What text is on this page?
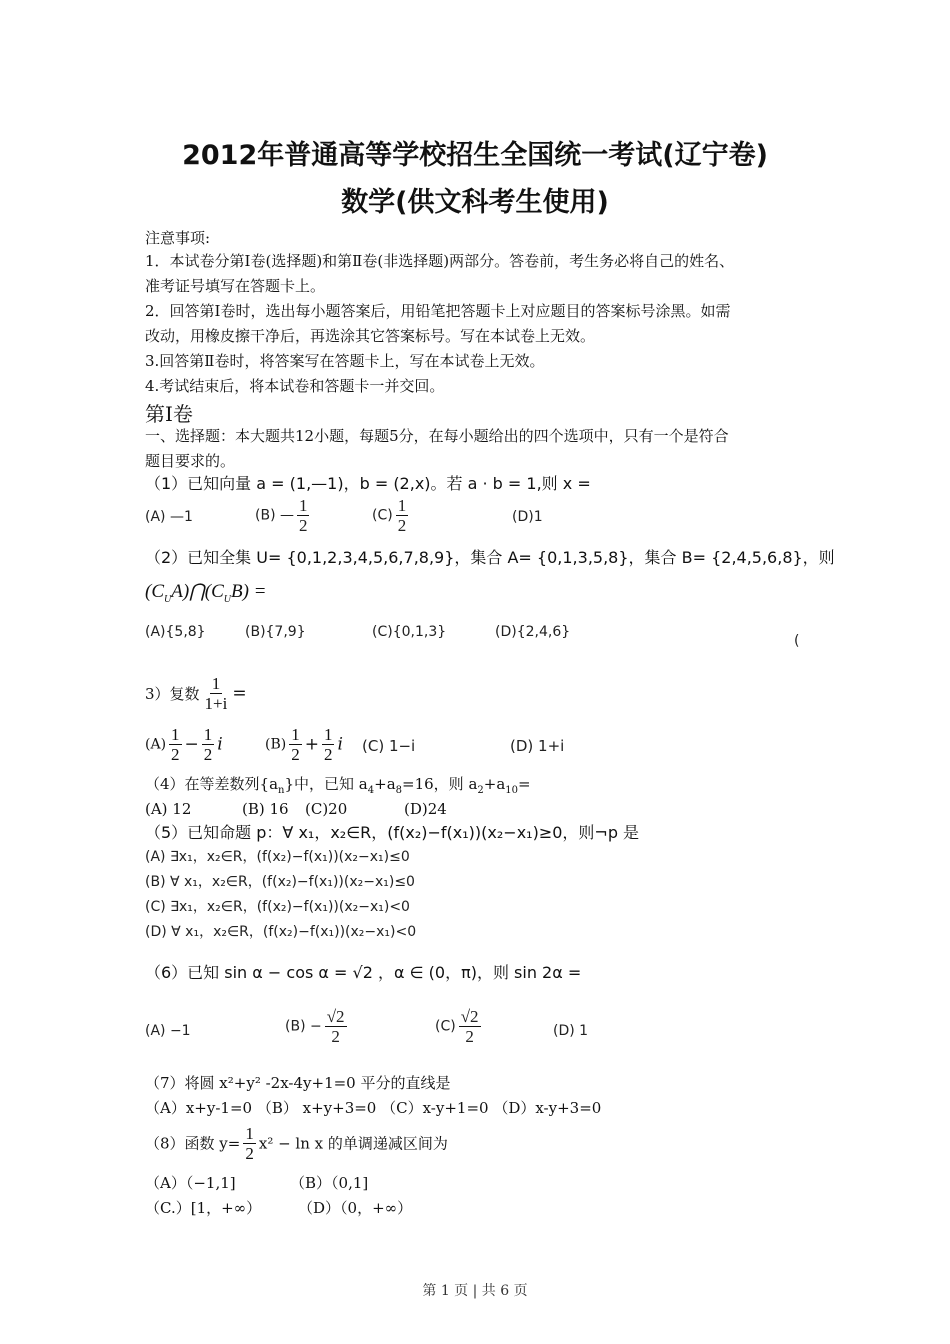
2012年普通高等学校招生全国统一考试(辽宁卷)
数学(供文科考生使用)
注意事项:
1．本试卷分第Ⅰ卷(选择题)和第Ⅱ卷(非选择题)两部分。答卷前，考生务必将自己的姓名、
准考证号填写在答题卡上。
2．回答第Ⅰ卷时，选出每小题答案后，用铅笔把答题卡上对应题目的答案标号涂黑。如需
改动，用橡皮擦干净后，再选涂其它答案标号。写在本试卷上无效。
3.回答第Ⅱ卷时，将答案写在答题卡上，写在本试卷上无效。
4.考试结束后，将本试卷和答题卡一并交回。
第Ⅰ卷
一、选择题：本大题共12小题，每题5分，在每小题给出的四个选项中，只有一个是符合
题目要求的。
（1）已知向量 a = (1,—1)，b = (2,x)。若 a · b = 1,则 x =
(A) —1	(B) — $\frac{1}{2}$	$(C) \frac{1}{2}$	(D)1
（2）已知全集 U= {0,1,2,3,4,5,6,7,8,9}，集合 A= {0,1,3,5,8}，集合 B= {2,4,5,6,8}，则
$(C_UA)⋂(C_UB)$ =
(A){5,8}	(B){7,9}	(C){0,1,3}	(D){2,4,6}
(
3）复数 $\frac{1}{1+i}$ =
$(A) \frac{1}{2} - \frac{1}{2}$ i	$(B) \frac{1}{2} + \frac{1}{2}$ i (C) 1−i	(D) 1+i
（4）在等差数列$\{a_n\}$中，已知 $a_4+a_8=16$，则 $a_2+a_{10}=$
(A) 12	(B) 16 (C)20	(D)24
（5）已知命题 p：∀ x₁，x₂∈R，(f(x₂)−f(x₁))(x₂−x₁)≥0，则¬p 是
(A) ∃x₁，x₂∈R，(f(x₂)−f(x₁))(x₂−x₁)≤0
(B) ∀ x₁，x₂∈R，(f(x₂)−f(x₁))(x₂−x₁)≤0
(C) ∃x₁，x₂∈R，(f(x₂)−f(x₁))(x₂−x₁)<0
(D) ∀ x₁，x₂∈R，(f(x₂)−f(x₁))(x₂−x₁)<0
（6）已知 sin α − cos α = √2 ，α ∈ (0，π)，则 sin 2α =
(A) −1	$(B) - \frac{√2}{2}$	$(C) \frac{√2}{2}$	(D) 1
（7）将圆 x²+y² -2x-4y+1=0 平分的直线是
（A）x+y-1=0 （B） x+y+3=0 （C）x-y+1=0 （D）x-y+3=0
（8）函数 $y= \frac{1}{2} x^2 - \ln x$ 的单调递减区间为
（A）（−1,1]	（B）（0,1]
（C.）[1，+∞） （D）（0，+∞）
第 1 页 | 共 6 页
